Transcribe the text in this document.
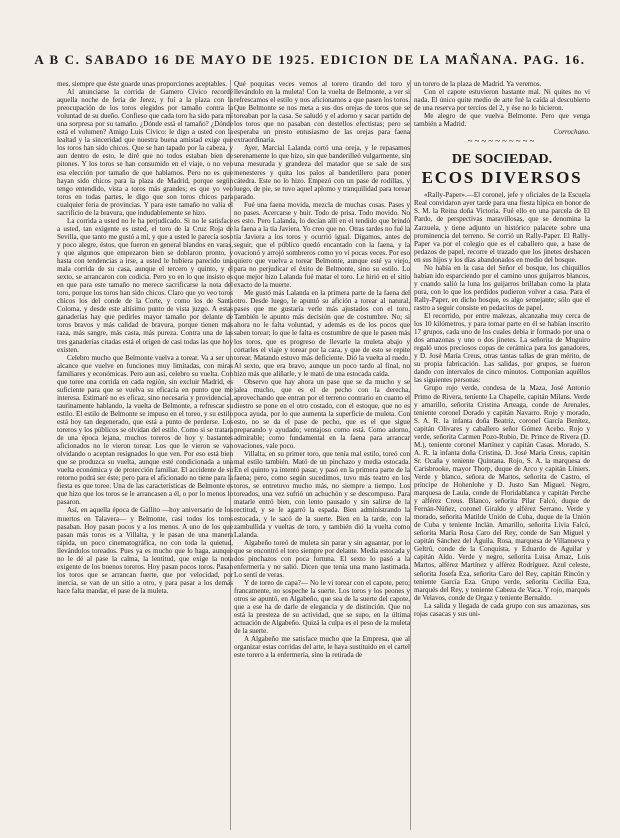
A B C. SABADO 16 DE MAYO DE 1925. EDICION DE LA MAÑANA. PAG. 16.

mes, siempre que éste guarde unas proporciones aceptables.

Al anunciarse la corrida de Gamero Cívico recordé aquella noche de feria de Jerez, y fuí a la plaza con la preocupación de los toros elegidos por tamaño contra la voluntad de su dueño. Confieso que cada toro ha sido para mí una sorpresa por su tamaño. ¿Dónde está el tamaño? ¿Dónde está el volumen? Amigo Luis Cívico: le digo a usted con la lealtad y la sinceridad que nuestra buena amistad exige que los toros han sido chicos. Que se han tapado por la cabeza, y aun dentro de esto, le diré que no todos estaban bien de pitones. Y los toros se han consumido en el viaje, o no veo esa elección por tamaño de que hablamos. Pero no es que hayan sido chicos para la plaza de Madrid, porque según tengo entendido, vista a toros más grandes; es que yo veo toros en todas partes, le digo que son toros chicos para cualquier feria de provincias. Y para este tamaño no valía el sacrificio de la bravura, que indudablemente se hizo.

La corrida a usted no le ha perjudicado. Si no le satisface a usted, tan exigente es usted, el toro de la Cruz Roja de Sevilla, que tanto me gustó a mí, y que a usted le parecía soso y poco alegre, éstos, que fueron en general blandos en varas, y que algunos que empezaron bien se doblaron pronto, y hasta con tendencias a irse, a usted le hubiera parecido una mala corrida de su casa, aunque el tercero y quinto, y el sexto, se arrancaron con codicia. Pero yo en lo que insisto es en que para este tamaño no merece sacrificarse la nota del toro, porque los toros han sido chicos. Claro que yo veo toros chicos los del conde de la Corte, y como los de Santa Coloma, y desde este altísimo punto de vista juzgo. A estas ganaderías hay que pedirles mayor tamaño por delante de toros bravos y más calidad de bravura, porque tienen más raza, más sangre, más casta, más pureza. Contra una de las tres ganaderías citadas está el origen de casi todas las que hoy existen.

Celebro mucho que Belmonte vuelva a torear. Va a ser un alcance que vuelve en funciones muy limitadas, con miras familiares y económicas. Pero aun así, celebro su vuelta. Con que toree una corrida en cada región, sin excluir Madrid, es suficiente para que se vuelva su eficacia en punto que me interesa. Estimaré no es eficaz, sino necesaria y providencial, taurinamente hablando, la vuelta de Belmonte, a refrescar su estilo. El estilo de Belmonte se impuso en el toreo, y su estilo está hoy tan degenerado, que está a punto de perderse. Los toreros y los públicos se olvidan del estilo. Como si se tratara de una época lejana, muchos toreros de hoy y bastantes aficionados no le vieron torear. Los que le vieron se van olvidando o aceptan resignados lo que ven. Por eso está bien que se produzca su vuelta, aunque esté condicionada a una vuelta económica y de protección familiar. El accidente de su retorno podrá ser éste; pero para el aficionado no tiene para la fiesta es que toree. Una de las características de Belmonte es que hizo que los toros se le arrancasen a él, o por lo menos lo pasaron.

Así, en aquella época de Gallito —hoy aniversario de los muertos en Talavera— y Belmonte, casi todos los toros pasaban. Hoy pasan pocos y a los menos. A uno de los que pasan más toros es a Villalta, y le pasan de una manera rápida, un poco cinematográfica, no con toda la quietud, llevándolos toreados. Pues ya es mucho que lo haga, aunque no le dé al pase la calma, la lentitud, que exige la nota exigente de los buenos toreros. Hoy pasan pocos toros. Pasan los toros que se arrancan fuerte, que por velocidad, por inercia, se van de un sitio a otro, y para pasar a los demás hace falta mandar, el pase de la muleta.

Qué poquitas veces vemos al torero tirando del toro y llevándolo en la muleta! Con la vuelta de Belmonte, a ver si refrescamos el estilo y nos aficionamos a que pasen los toros. Que Belmonte se nos meta a sus dos orejas de toros que se toreaban por la casa. Se saludó y el adorno y sacar partido de los toros que no pasaban con destellos efectistas; pero se esperaba un presto entusiasmo de las orejas para faena extraordinaria.

Ayer, Marcial Lalanda cortó una oreja, y le repasamos serenamente lo que hizo, sin que banderilleó vulgarmente, sin una mesurada y grandeza del matador que se sale de sus menesteres y quita los palos al banderillero para poner cátedra. Este no lo hizo. Empezó con un pase de rodillas, y luego, de pie, se tuvo aquel aplomo y tranquilidad para torear parado.

Fué una faena movida, mezcla de muchas cosas. Pases y no pases. Acercarse y huir. Todo de prisa. Todo movido. No es esto. Pero Lalanda, lo decían allí en el tendido que brindó la faena a la tía Javiera. Yo creo que no. Otras tardes no fué la tía Javiera a los toros y ocurrió igual. Digamos, antes de seguir, que el público quedó encantado con la faena, y la ovacionó y arrojó sombreros como yo vi pocas veces. Por eso quiero que vuelva a torear Belmonte, aunque esté ya viejo, para no perjudicar el éxito de Belmonte, sino su estilo. Lo que mejor hizo Lalanda fué matar el toro. Le hirió en el sitio exacto de la muerte.

Me gustó más Lalanda en la primera parte de la faena del otro. Desde luego, le apuntó su afición a torear al natural, pases que me gustaría verle más ajustados con el toro. También le apunto más decisión que de costumbre. No; si ahora no le falta voluntad, y además es de los pocos que saben torear; lo que le falta es costumbre de que le pasen más los toros, que es progreso de llevarle la muleta abajo y cortarles el viaje y torear por la cara, y que de esto se repite torear. Matando estuvo más deficiente. Dió la vuelta al ruedo. Al sexto, que era bravo, aunque un poco tardo al final, no hizo más que aliñarle, y le mató de una estocada caída.

Observo que hay ahora un pase que se da mucho y se jalea mucho, que es el de pecho con la derecha, aprovechando que entran por el terreno contrario en cuanto el diestro se pone en el otro costado, con el estoque, que no es poca ayuda, por lo que aumenta la superficie de muleta. Con esto, no se da el pase de pecho, que es el que sigue preparando y ayudado; ventajoso como está. Como adorno, admirable; como fundamental en la faena para arrancar ovaciones, vale poco.

Villalta, en su primer toro, que tenía mal estilo, toreó con mal estilo también. Mató de un pinchazo y media estocada. En el quinto ya intentó pasar, y pasó en la primera parte de la faena; pero, como según sucedimos, tuvo más teatro en los toros, se entretuvo mucho más, no siempre a tiempo. Los toreados, una vez sufrió un achuchón y se descompuso. Para matarle entró bien, con lento pausado y sin salirse de la rectitud, y se le agarró la espada. Bien administrando la estocada, y le sacó de la suerte. Bien en la tarde, con la zambullida y vueltas de toro, y también dió la vuelta como Lalanda.

Algabeño toreó de muleta sin parar y sin aguantar, por lo que se encontró el toro siempre por delante. Media estocada y dos pinchazos con poca fortuna. El sexto lo pasó a la enfermería y no salió. Dicen que tenía una mano lastimada. Lo sentí de veras.

Y de toreo de capa?— No le vi torear con el capote, pero; francamente, no sospeche la suerte. Los toros y los peones y otros se apuntó, en Algabeño, que sea de la suerte del capote, que a ese ha de darle de elegancia y de distinción. Que no está la presteza de su actividad, que se supo, en la última actuación de Algabeño. Quizá la culpa es el peso de la muleta de la suerte.

A Algabeño me satisface mucho que la Empresa, que al organizar estas corridas del arte, le haya sustituido en el cartel este torero a la enfermería, sino la retirada de

un torero de la plaza de Madrid. Ya veremos.

Con el capote estuvieron bastante mal. Ni quites no vi nada. El único quite medio de arte fué la caída al descubierto de una reserva por tercios del 2, y ése no lo hicieron.

Me alegro de que vuelva Belmonte. Pero que venga también a Madrid.

Corrochano.

~~~~~~~~~~
DE SOCIEDAD.
ECOS DIVERSOS

«Rally-Paper».—El coronel, jefe y oficiales de la Escuela Real convidaron ayer tarde para una fiesta hípica en honor de S. M. la Reina doña Victoria. Fué ello en una parcela de El Pardo, de perspectivas maravillosas, que se denomina la Zarzuela, y tiene adjunto un histórico palacete sobre una prominencia del terreno. Se corrió un Rally-Paper. El Rally-Paper va por el colegio que es el caballero que, a base de pedazos de papel, recorre el trazado que los jinetes deshacen en sus hijos y los días abandonados en medio del bosque.

No había en la casa del Señor el bosque, los chiquillos habían ido esparciendo por el camino unos guijarros blancos, y cuando salió la luna los guijarros brillaban como la plata pura, con lo que los perdidos pudieron volver a casa. Para el Rally-Paper, en dicho bosque, es algo semejante; sólo que el rastro a seguir consiste en pedacitos de papel.

El recorrido, por entre malezas, alcanzaba muy cerca de los 10 kilómetros, y para tomar parte en él se habían inscrito 17 grupos, cada uno de los cuales debía ir formado por una o dos amazonas y uno o dos jinetes. La señorita de Muguiro regaló unos preciosos copas de cerámica para los ganadores, y D. José María Creus, otras tantas tallas de gran mérito, de su propia fabricación. Las salidas, por grupos, se fueron dando con intervalos de cinco minutos. Componían aquéllos las siguientes personas:

Grupo rojo verde, condesa de la Maza, José Antonio Primo de Rivera, teniente La Chapelle, capitán Milans. Verde y amarillo, señorita Cristina Arteaga, conde de Arenales, teniente coronel Dorado y capitán Navarro. Rojo y morado, S. A. R. la infanta doña Beatriz, coronel García Benítez, capitán Olivares y caballero señor Gómez Acebo. Rojo y verde, señorita Carmen Pozo-Rubio, Dr. Prince de Rivera (D. M.), teniente coronel Martínez y capitán Casas. Morado, S. A. R. la infanta doña Cristina, D. José María Creus, capitán Sr. Ocaña y teniente Quintana. Rojo, S. A. la marquesa de Carisbrooke, mayor Thorp, duque de Arco y capitán Liniers. Verde y blanco, señora de Martos, señorita de Castro, el príncipe de Hohenlohe y D. Justo San Miguel. Negro, marquesa de Laula, conde de Floridablanca y capitán Perche y alférez Creus. Blanco, señorita Pilar Falcó, duque de Fernán-Núñez, coronel Giraldo y alférez Serrano. Verde y morado, señorita Matilde Unión de Cuba, duque de la Unión de Cuba y teniente Inclán. Amarillo, señorita Livia Falcó, señorita María Rosa Caro del Rey, conde de San Miguel y capitán Sánchez del Águila. Rosa, marquesa de Villanueva y Geltrú, conde de la Conquista, y Eduardo de Aguilar y capitán Aldo. Verde y negro, señorita Luisa Arnaz, Luis Martos, alférez Martínez y alférez Rodríguez. Azul celeste, señorita Josefa Eza, señorita Caro del Rey, capitán Rincón y teniente García Eza. Grupo verde, señorita Cecilia Eza, marqués del Rey, y teniente Cabeza de Vaca. Y rojo, marqués de Velavos, conde de Orgaz y teniente Bernaldo.

La salida y llegada de cada grupo con sus amazonas, sus rojas casacas y sus uni-
